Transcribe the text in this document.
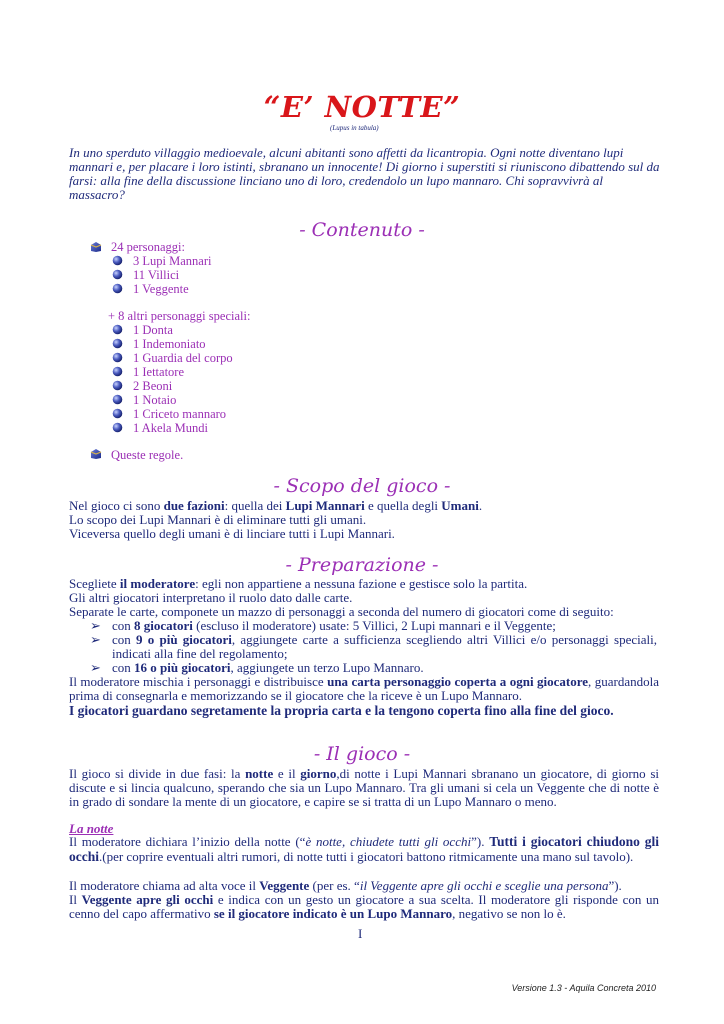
“E’ NOTTE”
(Lupus in tabula)
In uno sperduto villaggio medioevale, alcuni abitanti sono affetti da licantropia. Ogni notte diventano lupi mannari e, per placare i loro istinti, sbranano un innocente! Di giorno i superstiti si riuniscono dibattendo sul da farsi: alla fine della discussione linciano uno di loro, credendolo un lupo mannaro. Chi sopravvivrà al massacro?
- Contenuto -
24 personaggi:
3 Lupi Mannari
11 Villici
1 Veggente
+ 8 altri personaggi speciali:
1 Donta
1 Indemoniato
1 Guardia del corpo
1 Iettatore
2 Beoni
1 Notaio
1 Criceto mannaro
1 Akela Mundi
Queste regole.
- Scopo del gioco -
Nel gioco ci sono due fazioni: quella dei Lupi Mannari e quella degli Umani.
Lo scopo dei Lupi Mannari è di eliminare tutti gli umani.
Viceversa quello degli umani è di linciare tutti i Lupi Mannari.
- Preparazione -
Scegliete il moderatore: egli non appartiene a nessuna fazione e gestisce solo la partita.
Gli altri giocatori interpretano il ruolo dato dalle carte.
Separate le carte, componete un mazzo di personaggi a seconda del numero di giocatori come di seguito:
➢ con 8 giocatori (escluso il moderatore) usate: 5 Villici, 2 Lupi mannari e il Veggente;
➢ con 9 o più giocatori, aggiungete carte a sufficienza scegliendo altri Villici e/o personaggi speciali, indicati alla fine del regolamento;
➢ con 16 o più giocatori, aggiungete un terzo Lupo Mannaro.
Il moderatore mischia i personaggi e distribuisce una carta personaggio coperta a ogni giocatore, guardandola prima di consegnarla e memorizzando se il giocatore che la riceve è un Lupo Mannaro.
I giocatori guardano segretamente la propria carta e la tengono coperta fino alla fine del gioco.
- Il gioco -
Il gioco si divide in due fasi: la notte e il giorno,di notte i Lupi Mannari sbranano un giocatore, di giorno si discute e si lincia qualcuno, sperando che sia un Lupo Mannaro. Tra gli umani si cela un Veggente che di notte è in grado di sondare la mente di un giocatore, e capire se si tratta di un Lupo Mannaro o meno.
La notte
Il moderatore dichiara l’inizio della notte (“è notte, chiudete tutti gli occhi”). Tutti i giocatori chiudono gli occhi.(per coprire eventuali altri rumori, di notte tutti i giocatori battono ritmicamente una mano sul tavolo).
Il moderatore chiama ad alta voce il Veggente (per es. “il Veggente apre gli occhi e sceglie una persona”).
Il Veggente apre gli occhi e indica con un gesto un giocatore a sua scelta. Il moderatore gli risponde con un cenno del capo affermativo se il giocatore indicato è un Lupo Mannaro, negativo se non lo è.
I
Versione 1.3 - Aquila Concreta 2010
